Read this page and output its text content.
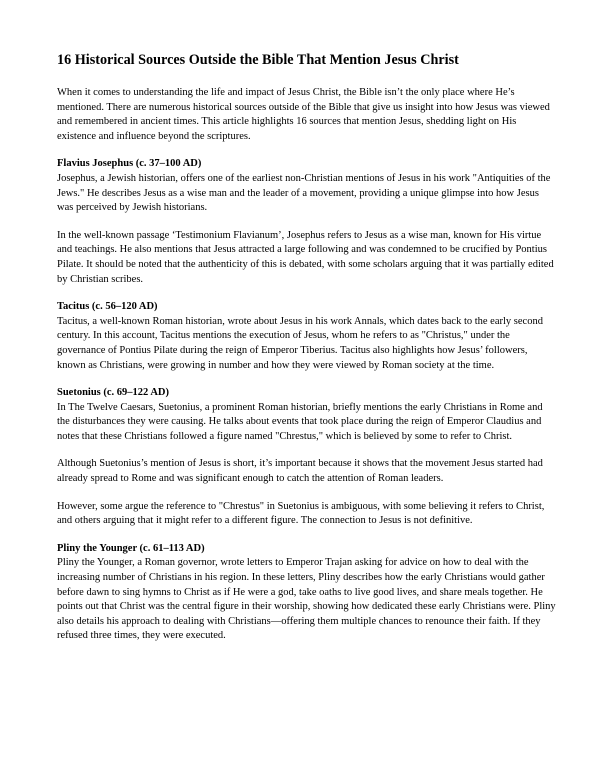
16 Historical Sources Outside the Bible That Mention Jesus Christ

When it comes to understanding the life and impact of Jesus Christ, the Bible isn’t the only place where He’s mentioned. There are numerous historical sources outside of the Bible that give us insight into how Jesus was viewed and remembered in ancient times. This article highlights 16 sources that mention Jesus, shedding light on His existence and influence beyond the scriptures.

Flavius Josephus (c. 37–100 AD)

Josephus, a Jewish historian, offers one of the earliest non-Christian mentions of Jesus in his work "Antiquities of the Jews." He describes Jesus as a wise man and the leader of a movement, providing a unique glimpse into how Jesus was perceived by Jewish historians.

In the well-known passage ‘Testimonium Flavianum’, Josephus refers to Jesus as a wise man, known for His virtue and teachings. He also mentions that Jesus attracted a large following and was condemned to be crucified by Pontius Pilate. It should be noted that the authenticity of this is debated, with some scholars arguing that it was partially edited by Christian scribes.

Tacitus (c. 56–120 AD)

Tacitus, a well-known Roman historian, wrote about Jesus in his work Annals, which dates back to the early second century. In this account, Tacitus mentions the execution of Jesus, whom he refers to as "Christus," under the governance of Pontius Pilate during the reign of Emperor Tiberius. Tacitus also highlights how Jesus’ followers, known as Christians, were growing in number and how they were viewed by Roman society at the time.

Suetonius (c. 69–122 AD)

In The Twelve Caesars, Suetonius, a prominent Roman historian, briefly mentions the early Christians in Rome and the disturbances they were causing. He talks about events that took place during the reign of Emperor Claudius and notes that these Christians followed a figure named "Chrestus," which is believed by some to refer to Christ.

Although Suetonius’s mention of Jesus is short, it’s important because it shows that the movement Jesus started had already spread to Rome and was significant enough to catch the attention of Roman leaders.

However, some argue the reference to "Chrestus" in Suetonius is ambiguous, with some believing it refers to Christ, and others arguing that it might refer to a different figure. The connection to Jesus is not definitive.

Pliny the Younger (c. 61–113 AD)

Pliny the Younger, a Roman governor, wrote letters to Emperor Trajan asking for advice on how to deal with the increasing number of Christians in his region. In these letters, Pliny describes how the early Christians would gather before dawn to sing hymns to Christ as if He were a god, take oaths to live good lives, and share meals together. He points out that Christ was the central figure in their worship, showing how dedicated these early Christians were. Pliny also details his approach to dealing with Christians—offering them multiple chances to renounce their faith. If they refused three times, they were executed.
